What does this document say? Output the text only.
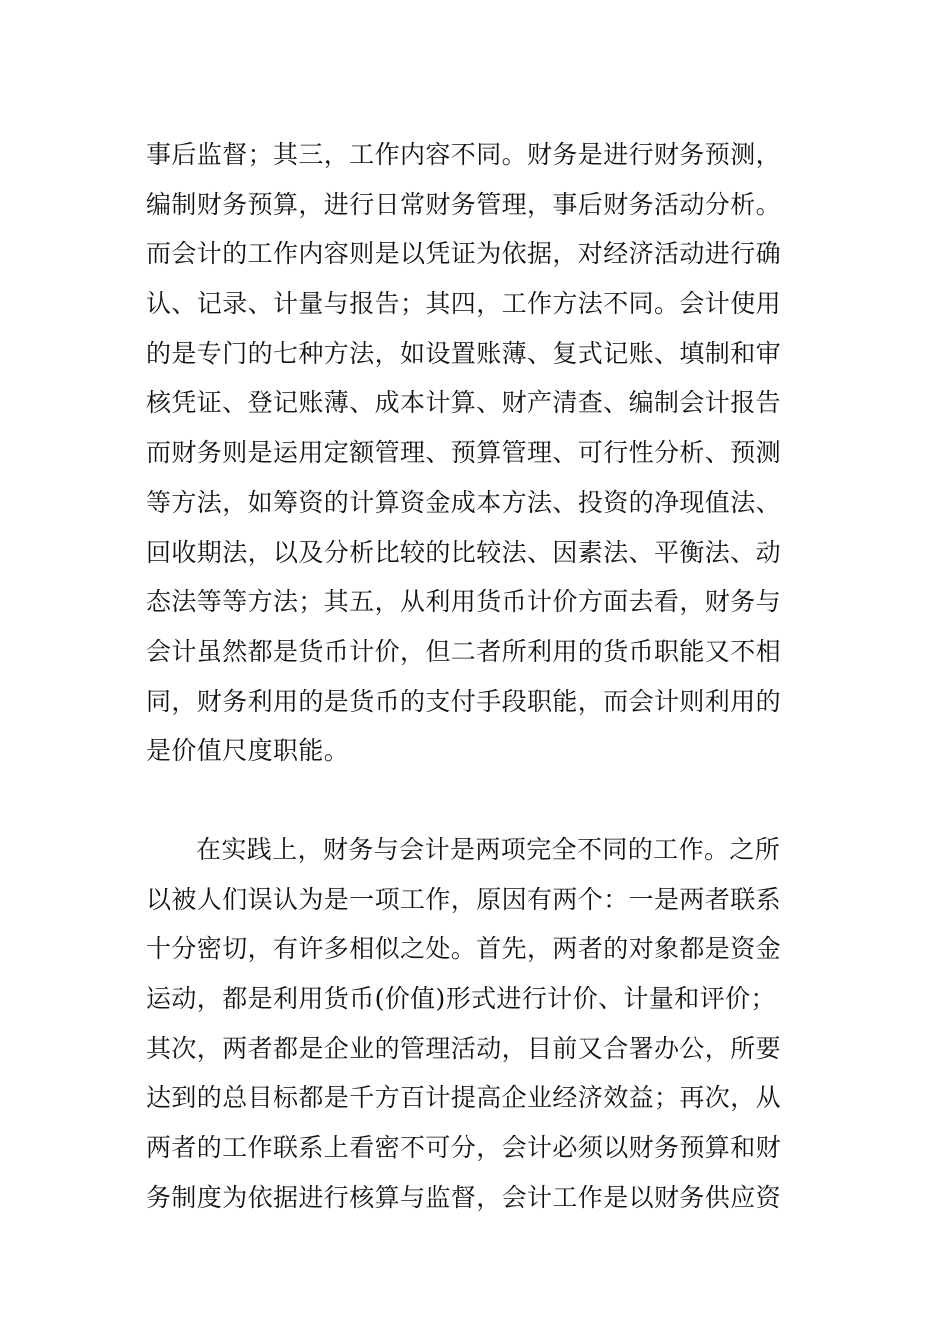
事后监督；其三，工作内容不同。财务是进行财务预测，
编制财务预算，进行日常财务管理，事后财务活动分析。
而会计的工作内容则是以凭证为依据，对经济活动进行确
认、记录、计量与报告；其四，工作方法不同。会计使用
的是专门的七种方法，如设置账薄、复式记账、填制和审
核凭证、登记账薄、成本计算、财产清查、编制会计报告
而财务则是运用定额管理、预算管理、可行性分析、预测
等方法，如筹资的计算资金成本方法、投资的净现值法、
回收期法，以及分析比较的比较法、因素法、平衡法、动
态法等等方法；其五，从利用货币计价方面去看，财务与
会计虽然都是货币计价，但二者所利用的货币职能又不相
同，财务利用的是货币的支付手段职能，而会计则利用的
是价值尺度职能。
在实践上，财务与会计是两项完全不同的工作。之所
以被人们误认为是一项工作，原因有两个：一是两者联系
十分密切，有许多相似之处。首先，两者的对象都是资金
运动，都是利用货币(价值)形式进行计价、计量和评价；
其次，两者都是企业的管理活动，目前又合署办公，所要
达到的总目标都是千方百计提高企业经济效益；再次，从
两者的工作联系上看密不可分，会计必须以财务预算和财
务制度为依据进行核算与监督，会计工作是以财务供应资
